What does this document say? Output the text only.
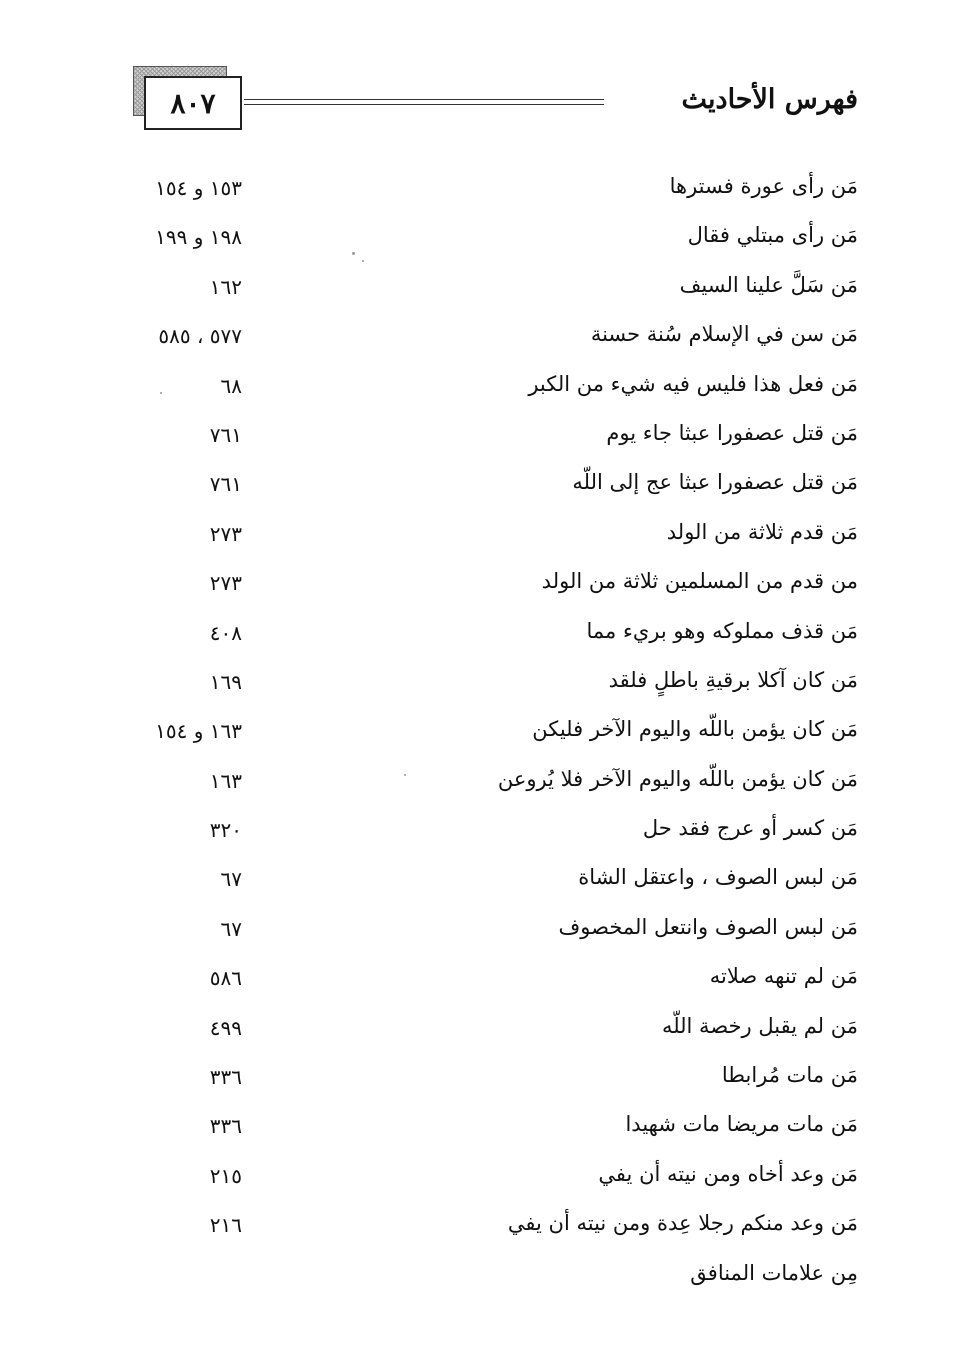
٨٠٧	فهرس الأحاديث
مَن رأى عورة فسترها
١٥٣ و ١٥٤
مَن رأى مبتلي فقال
١٩٨ و ١٩٩
مَن سَلَّ علينا السيف
١٦٢
مَن سن في الإسلام سُنة حسنة
٥٧٧ ، ٥٨٥
مَن فعل هذا فليس فيه شيء من الكبر
٦٨
مَن قتل عصفورا عبثا جاء يوم
٧٦١
مَن قتل عصفورا عبثا عج إلى اللّه
٧٦١
مَن قدم ثلاثة من الولد
٢٧٣
من قدم من المسلمين ثلاثة من الولد
٢٧٣
مَن قذف مملوكه وهو بريء مما
٤٠٨
مَن كان آكلا برقيةِ باطلٍ فلقد
١٦٩
مَن كان يؤمن باللّه واليوم الآخر فليكن
١٦٣ و ١٥٤
مَن كان يؤمن باللّه واليوم الآخر فلا يُروعن
١٦٣
مَن كسر أو عرج فقد حل
٣٢٠
مَن لبس الصوف ، واعتقل الشاة
٦٧
مَن لبس الصوف وانتعل المخصوف
٦٧
مَن لم تنهه صلاته
٥٨٦
مَن لم يقبل رخصة اللّه
٤٩٩
مَن مات مُرابطا
٣٣٦
مَن مات مريضا مات شهيدا
٣٣٦
مَن وعد أخاه ومن نيته أن يفي
٢١٥
مَن وعد منكم رجلا عِدة ومن نيته أن يفي
٢١٦
مِن علامات المنافق
